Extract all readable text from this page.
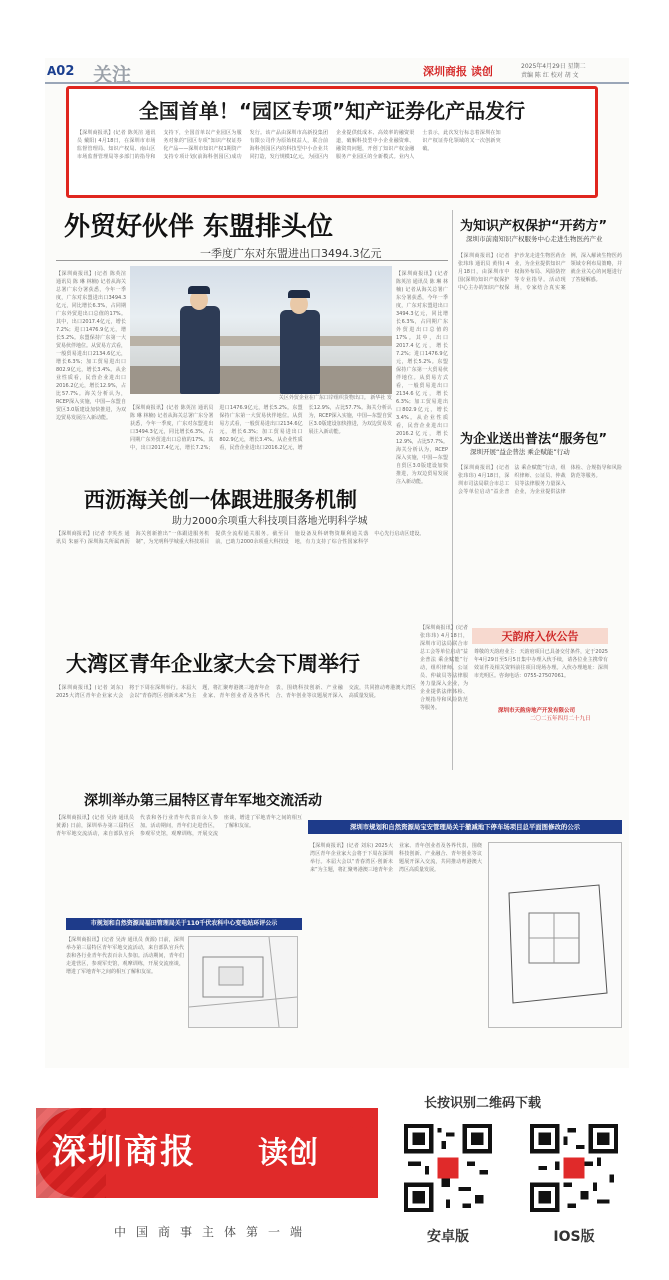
A02 关注	深圳商报 读创	2025年4月29日 星期二
责编 陈 红 校对 胡 文
全国首单！“园区专项”知产证券化产品发行
【深圳商报讯】(记者 陈英渲 通讯员 戴阳) 4月18日，在深圳市市场监督管理局、知识产权局、南山区市场监督管理局等多部门的指导和支持下，全国首单以产业园区为服务对象的“园区专项”知识产权证券化产品——深圳市知识产权1期资产支持专项计划(前海科创园区)成功发行。该产品由深圳市高新投集团有限公司作为原始权益人，联合前海科创园区内的科技型中小企业共同打造，发行规模1亿元，为园区内企业提供低成本、高效率的融资渠道，破解科技型中小企业融资难、融资贵问题，开创了知识产权金融服务产业园区的全新模式。业内人士表示，此次发行标志着深圳在知识产权证券化领域的又一次创新突破。
外贸好伙伴 东盟排头位
一季度广东对东盟进出口3494.3亿元
关区外贸企业在广东口岸组织货物出口。 新华社 发
【深圳商报讯】(记者 陈英渲 通讯员 陈 琳 林楠) 记者从海关总署广东分署获悉，今年一季度，广东对东盟进出口3494.3亿元，同比增长6.3%，占同期广东外贸进出口总值的17%。其中，出口2017.4亿元，增长7.2%；进口1476.9亿元，增长5.2%。东盟保持广东第一大贸易伙伴地位。从贸易方式看，一般贸易进出口2134.6亿元，增长6.3%；加工贸易进出口802.9亿元，增长3.4%。从企业性质看，民营企业进出口2016.2亿元，增长12.9%，占比57.7%。海关分析认为，RCEP深入实施，中国—东盟自贸区3.0版建设加快推进，为双边贸易发展注入新动能。
【深圳商报讯】(记者 陈英渲 通讯员 陈 琳 林楠) 记者从海关总署广东分署获悉，今年一季度，广东对东盟进出口3494.3亿元，同比增长6.3%，占同期广东外贸进出口总值的17%。其中，出口2017.4亿元，增长7.2%；进口1476.9亿元，增长5.2%。东盟保持广东第一大贸易伙伴地位。从贸易方式看，一般贸易进出口2134.6亿元，增长6.3%；加工贸易进出口802.9亿元，增长3.4%。从企业性质看，民营企业进出口2016.2亿元，增长12.9%，占比57.7%。海关分析认为，RCEP深入实施，中国—东盟自贸区3.0版建设加快推进，为双边贸易发展注入新动能。
【深圳商报讯】(记者 陈英渲 通讯员 陈 琳 林楠) 记者从海关总署广东分署获悉，今年一季度，广东对东盟进出口3494.3亿元，同比增长6.3%，占同期广东外贸进出口总值的17%。其中，出口2017.4亿元，增长7.2%；进口1476.9亿元，增长5.2%。东盟保持广东第一大贸易伙伴地位。从贸易方式看，一般贸易进出口2134.6亿元，增长6.3%；加工贸易进出口802.9亿元，增长3.4%。从企业性质看，民营企业进出口2016.2亿元，增长12.9%，占比57.7%。海关分析认为，RCEP深入实施，中国—东盟自贸区3.0版建设加快推进，为双边贸易发展注入新动能。
为知识产权保护“开药方”
深圳市前南知识产权服务中心走进生物医药产业
【深圳商报讯】(记者 张玮玮 通讯员 黄伟) 4月18日，由深圳市中国(深圳)知识产权保护中心主办的知识产权保护沙龙走进生物医药企业，为企业提供知识产权海外布局、风险防控等专业指导。活动现场，专家结合真实案例，深入解读生物医药领域专利布局策略，并就企业关心的问题进行了答疑解惑。
为企业送出普法“服务包”
深圳开展“益企普法 乘企赋能”行动
【深圳商报讯】(记者 张玮玮) 4月18日，深圳市司法局联合市总工会等单位启动“益企普法 乘企赋能”行动，组织律师、公证员、仲裁员等法律服务力量深入企业，为企业提供法律体检、合规指导和风险防范等服务。
西沥海关创一体跟进服务机制
助力2000余项重大科技项目落地光明科学城
【深圳商报讯】(记者 李英杰 通讯员 朱丽平) 深圳海关所属西沥海关创新推出“一体跟进服务机制”，为光明科学城重大科技项目提供全流程通关服务。截至目前，已助力2000余项重大科技设施设备及科研物资顺利通关落地，有力支持了综合性国家科学中心先行启动区建设。
天韵府入伙公告
尊敬的天韵府业主：天韵府项目已具备交付条件，定于2025年4月29日至5月5日集中办理入伙手续，请各位业主携带有效证件及相关资料前往项目现场办理。入伙办理地址：深圳市光明区。咨询电话：0755-27507061。
深圳市天韵房地产开发有限公司
二〇二五年四月二十九日
【深圳商报讯】(记者 张玮玮) 4月18日，深圳市司法局联合市总工会等单位启动“益企普法 乘企赋能”行动，组织律师、公证员、仲裁员等法律服务力量深入企业，为企业提供法律体检、合规指导和风险防范等服务。
大湾区青年企业家大会下周举行
【深圳商报讯】(记者 刘东) 2025大湾区青年企业家大会将于下周在深圳举行。本届大会以“青春湾区·创新未来”为主题，将汇聚粤港澳三地青年企业家、青年创业者及各界代表，围绕科技创新、产业融合、青年创业等议题展开深入交流，共同推动粤港澳大湾区高质量发展。
深圳举办第三届特区青年军地交流活动
【深圳商报讯】(记者 吴涛 通讯员 黄源) 日前，深圳举办第三届特区青年军地交流活动，来自部队官兵代表和各行业青年代表百余人参加。活动期间，青年们走进营区，参观军史馆，观摩训练，开展交流座谈，增进了军地青年之间的相互了解和友谊。
市规划和自然资源局福田管理局关于110千伏农科中心变电站环评公示
【深圳商报讯】(记者 吴涛 通讯员 黄源) 日前，深圳举办第三届特区青年军地交流活动，来自部队官兵代表和各行业青年代表百余人参加。活动期间，青年们走进营区，参观军史馆，观摩训练，开展交流座谈，增进了军地青年之间的相互了解和友谊。
深圳市规划和自然资源局宝安管理局关于撤减地下停车场项目总平面图修改的公示
【深圳商报讯】(记者 刘东) 2025大湾区青年企业家大会将于下周在深圳举行。本届大会以“青春湾区·创新未来”为主题，将汇聚粤港澳三地青年企业家、青年创业者及各界代表，围绕科技创新、产业融合、青年创业等议题展开深入交流，共同推动粤港澳大湾区高质量发展。
深圳商报 读创
APP
中国商事主体第一端
长按识别二维码下载
安卓版	IOS版
